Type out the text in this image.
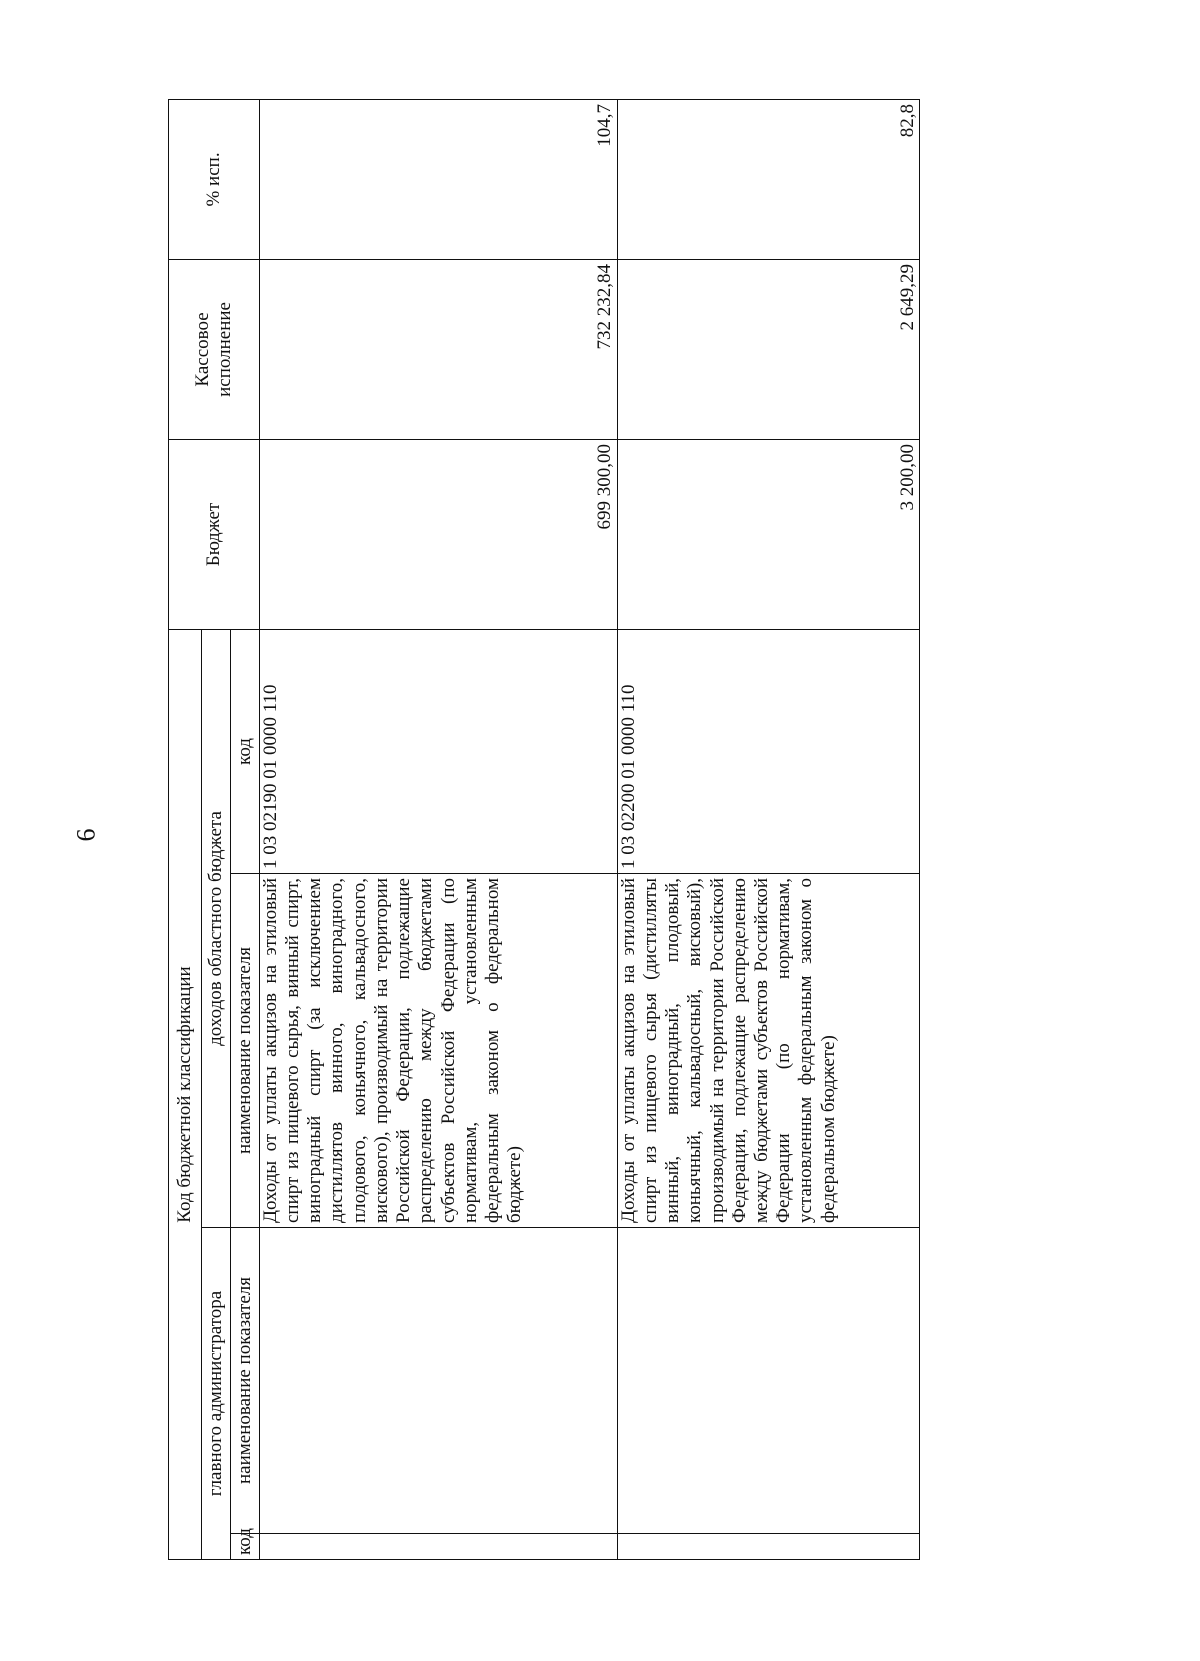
6
Код бюджетной классификации				Бюджет	Кассовое исполнение	% исп.
главного администратора		доходов областного бюджета				
код	наименование показателя	наименование показателя	код			
		Доходы от уплаты акцизов на этиловый спирт из пищевого сырья, винный спирт, виноградный спирт (за исключением дистиллятов винного, виноградного, плодового, коньячного, кальвадосного, вискового), производимый на территории Российской Федерации, подлежащие распределению между бюджетами субъектов Российской Федерации (по нормативам, установленным федеральным законом о федеральном бюджете)	1 03 02190 01 0000 110	699 300,00	732 232,84	104,7
		Доходы от уплаты акцизов на этиловый спирт из пищевого сырья (дистилляты винный, виноградный, плодовый, коньячный, кальвадосный, висковый), производимый на территории Российской Федерации, подлежащие распределению между бюджетами субъектов Российской Федерации (по нормативам, установленным федеральным законом о федеральном бюджете)	1 03 02200 01 0000 110	3 200,00	2 649,29	82,8
